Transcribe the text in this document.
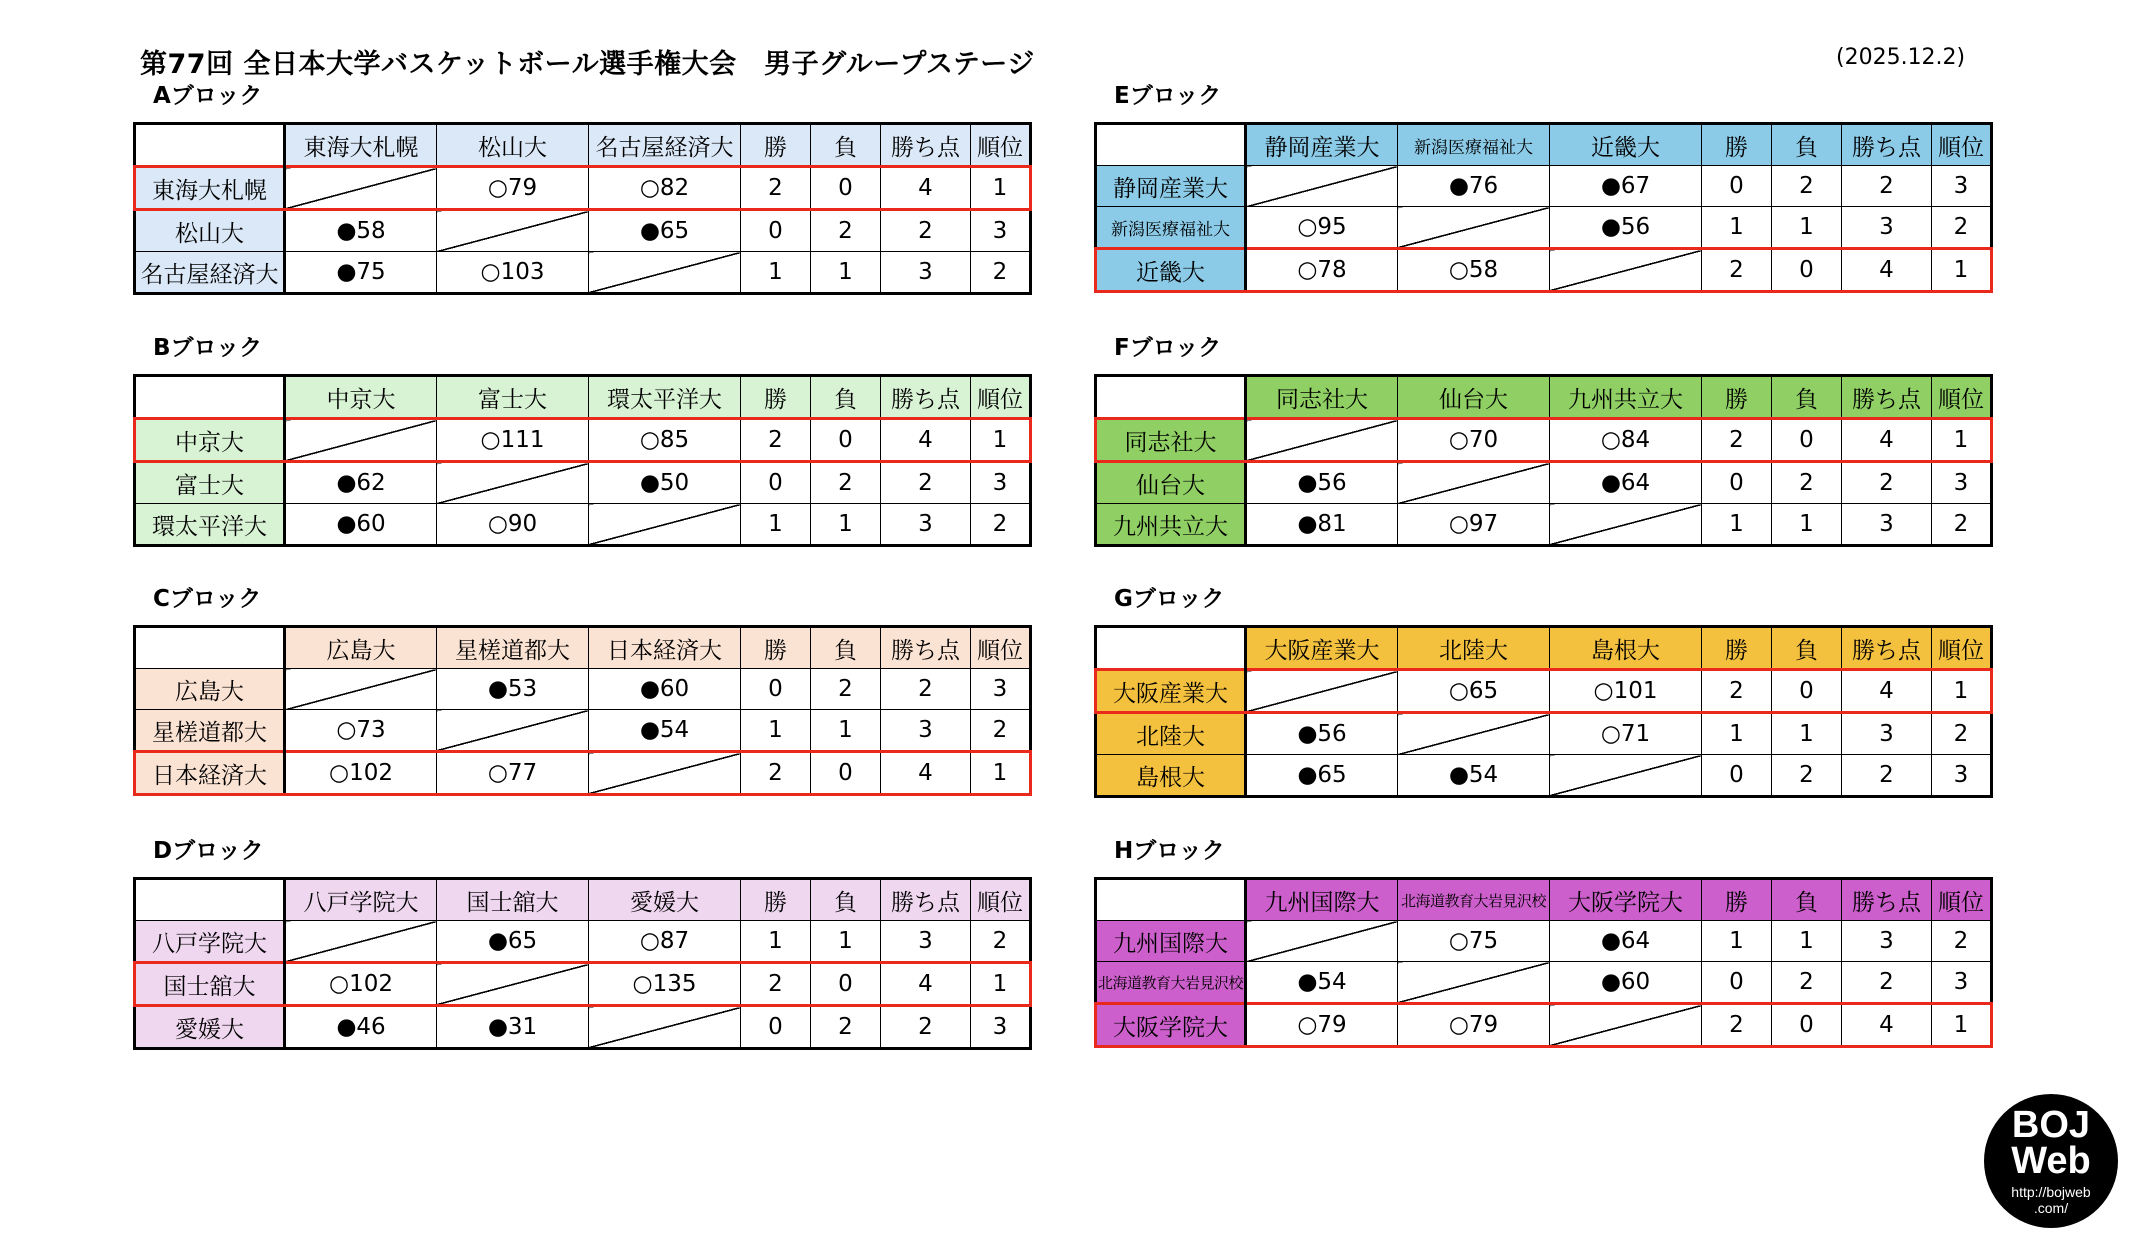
第77回 全日本大学バスケットボール選手権大会　男子グループステージ	(2025.12.2)
Aブロック
	東海大札幌	松山大	名古屋経済大	勝	負	勝ち点	順位
東海大札幌		○79	○82	2	0	4	1
松山大	●58		●65	0	2	2	3
名古屋経済大	●75	○103		1	1	3	2
Bブロック
	中京大	富士大	環太平洋大	勝	負	勝ち点	順位
中京大		○111	○85	2	0	4	1
富士大	●62		●50	0	2	2	3
環太平洋大	●60	○90		1	1	3	2
Cブロック
	広島大	星槎道都大	日本経済大	勝	負	勝ち点	順位
広島大		●53	●60	0	2	2	3
星槎道都大	○73		●54	1	1	3	2
日本経済大	○102	○77		2	0	4	1
Dブロック
	八戸学院大	国士舘大	愛媛大	勝	負	勝ち点	順位
八戸学院大		●65	○87	1	1	3	2
国士舘大	○102		○135	2	0	4	1
愛媛大	●46	●31		0	2	2	3
Eブロック
	静岡産業大	新潟医療福祉大	近畿大	勝	負	勝ち点	順位
静岡産業大		●76	●67	0	2	2	3
新潟医療福祉大	○95		●56	1	1	3	2
近畿大	○78	○58		2	0	4	1
Fブロック
	同志社大	仙台大	九州共立大	勝	負	勝ち点	順位
同志社大		○70	○84	2	0	4	1
仙台大	●56		●64	0	2	2	3
九州共立大	●81	○97		1	1	3	2
Gブロック
	大阪産業大	北陸大	島根大	勝	負	勝ち点	順位
大阪産業大		○65	○101	2	0	4	1
北陸大	●56		○71	1	1	3	2
島根大	●65	●54		0	2	2	3
Hブロック
	九州国際大	北海道教育大岩見沢校	大阪学院大	勝	負	勝ち点	順位
九州国際大		○75	●64	1	1	3	2
北海道教育大岩見沢校	●54		●60	0	2	2	3
大阪学院大	○79	○79		2	0	4	1
BOJ
Web
http://bojweb
.com/
